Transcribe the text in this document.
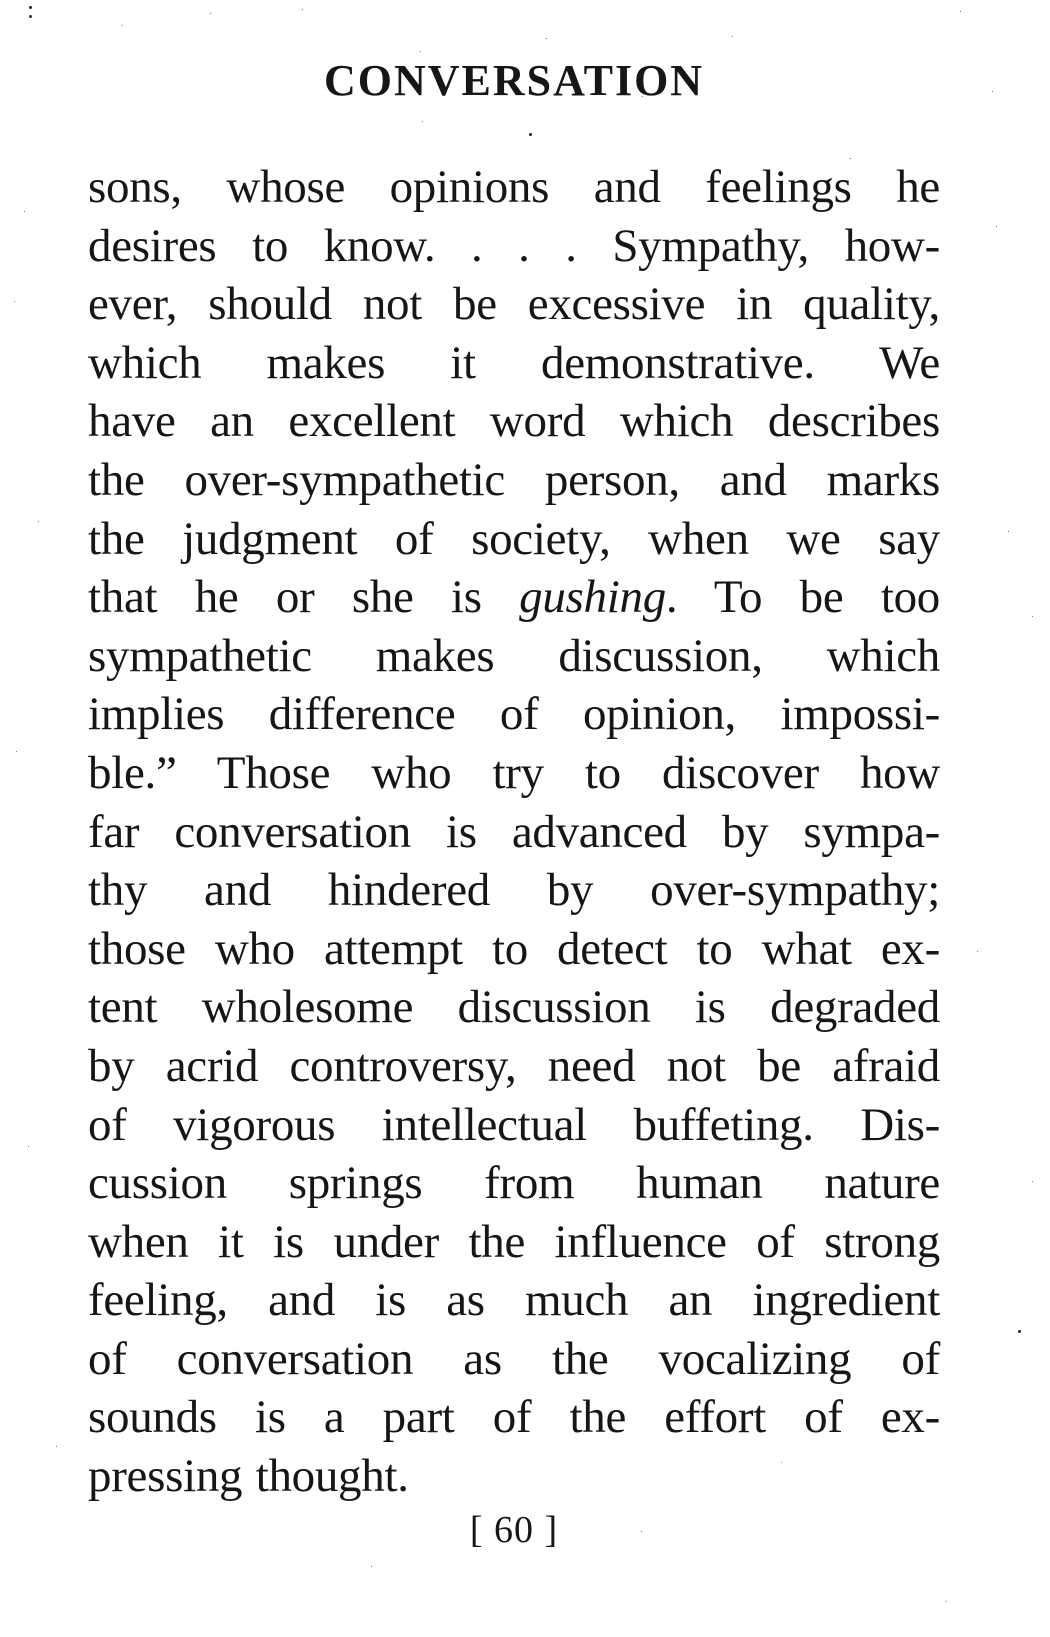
CONVERSATION
sons, whose opinions and feelings he
desires to know. . . . Sympathy, how-
ever, should not be excessive in quality,
which makes it demonstrative. We
have an excellent word which describes
the over-sympathetic person, and marks
the judgment of society, when we say
that he or she is gushing. To be too
sympathetic makes discussion, which
implies difference of opinion, impossi-
ble.” Those who try to discover how
far conversation is advanced by sympa-
thy and hindered by over-sympathy;
those who attempt to detect to what ex-
tent wholesome discussion is degraded
by acrid controversy, need not be afraid
of vigorous intellectual buffeting. Dis-
cussion springs from human nature
when it is under the influence of strong
feeling, and is as much an ingredient
of conversation as the vocalizing of
sounds is a part of the effort of ex-
pressing thought.
[ 60 ]
